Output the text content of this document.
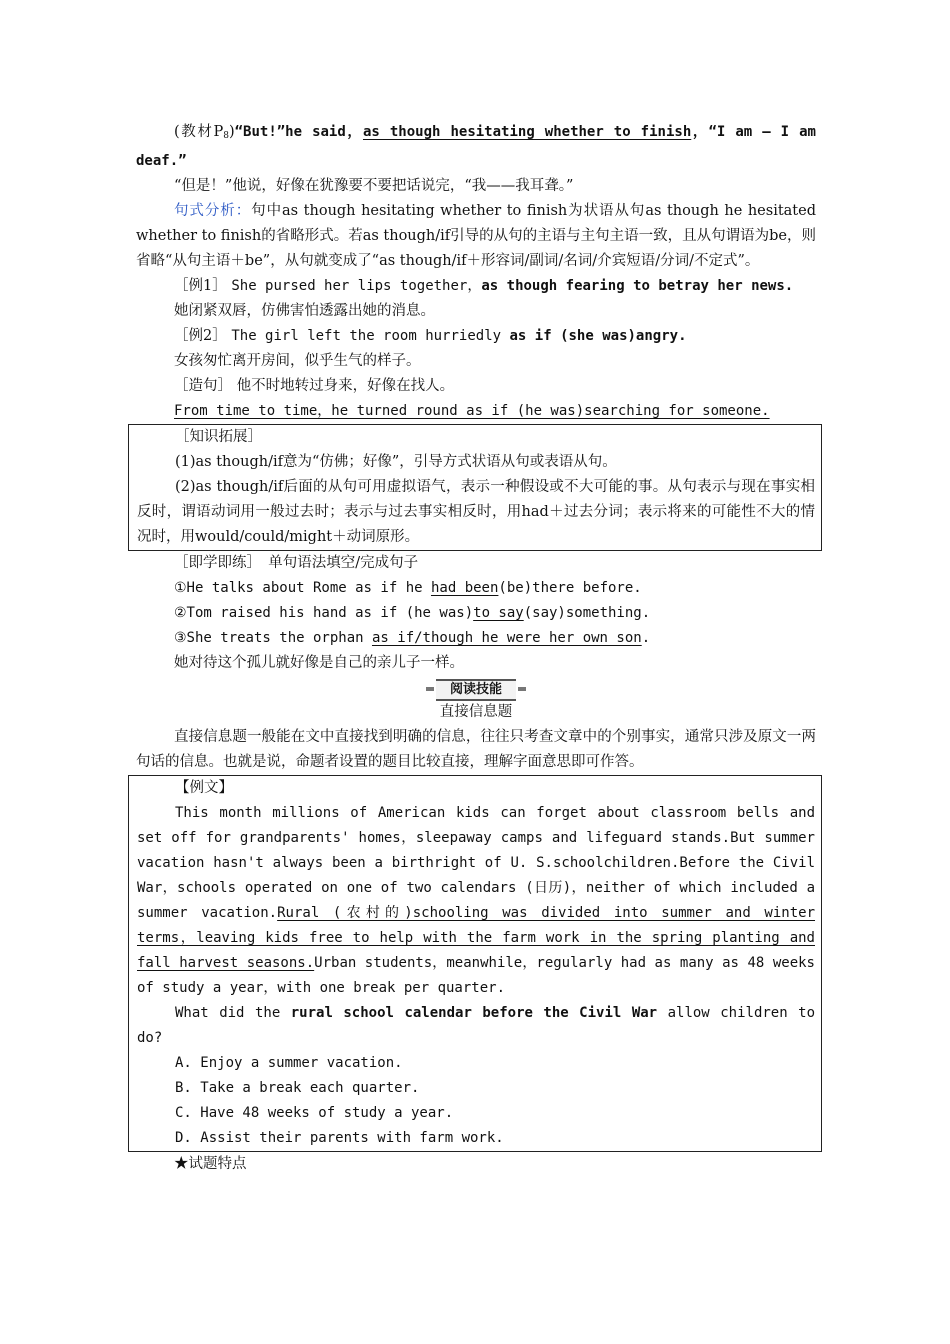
(教材$P_8)“But!”he$ said，as though hesitating whether to finish，“I am — I am deaf.”

“但是！”他说，好像在犹豫要不要把话说完，“我——我耳聋。”

句式分析：句中as though hesitating whether to finish为状语从句as though he hesitated whether to finish的省略形式。若as though/if引导的从句的主语与主句主语一致，且从句谓语为be，则省略“从句主语＋be”，从句就变成了“as though/if＋形容词/副词/名词/介宾短语/分词/不定式”。

［例1］ She pursed her lips together，as though fearing to betray her news.

她闭紧双唇，仿佛害怕透露出她的消息。

［例2］ The girl left the room hurriedly as if (she was)angry.

女孩匆忙离开房间，似乎生气的样子。

［造句］ 他不时地转过身来，好像在找人。

From time to time，he turned round as if (he was)searching for someone.

［知识拓展］

(1)as though/if意为“仿佛；好像”，引导方式状语从句或表语从句。

(2)as though/if后面的从句可用虚拟语气，表示一种假设或不大可能的事。从句表示与现在事实相反时，谓语动词用一般过去时；表示与过去事实相反时，用had＋过去分词；表示将来的可能性不大的情况时，用would/could/might＋动词原形。

［即学即练］　单句语法填空/完成句子

①He talks about Rome as if he had been(be)there before.

②Tom raised his hand as if (he was)to say(say)something.

③She treats the orphan as if/though he were her own son.

她对待这个孤儿就好像是自己的亲儿子一样。

阅读技能

直接信息题

直接信息题一般能在文中直接找到明确的信息，往往只考查文章中的个别事实，通常只涉及原文一两句话的信息。也就是说，命题者设置的题目比较直接，理解字面意思即可作答。

【例文】

This month millions of American kids can forget about classroom bells and set off for grandparents' homes，sleepaway camps and lifeguard stands.But summer vacation hasn't always been a birthright of U. S.schoolchildren.Before the Civil War，schools operated on one of two calendars (日历)，neither of which included a summer vacation.Rural (农村的)schooling was divided into summer and winter terms，leaving kids free to help with the farm work in the spring planting and fall harvest seasons.Urban students，meanwhile，regularly had as many as 48 weeks of study a year，with one break per quarter.

What did the rural school calendar before the Civil War allow children to do?

A. Enjoy a summer vacation.

B. Take a break each quarter.

C. Have 48 weeks of study a year.

D. Assist their parents with farm work.

★试题特点
